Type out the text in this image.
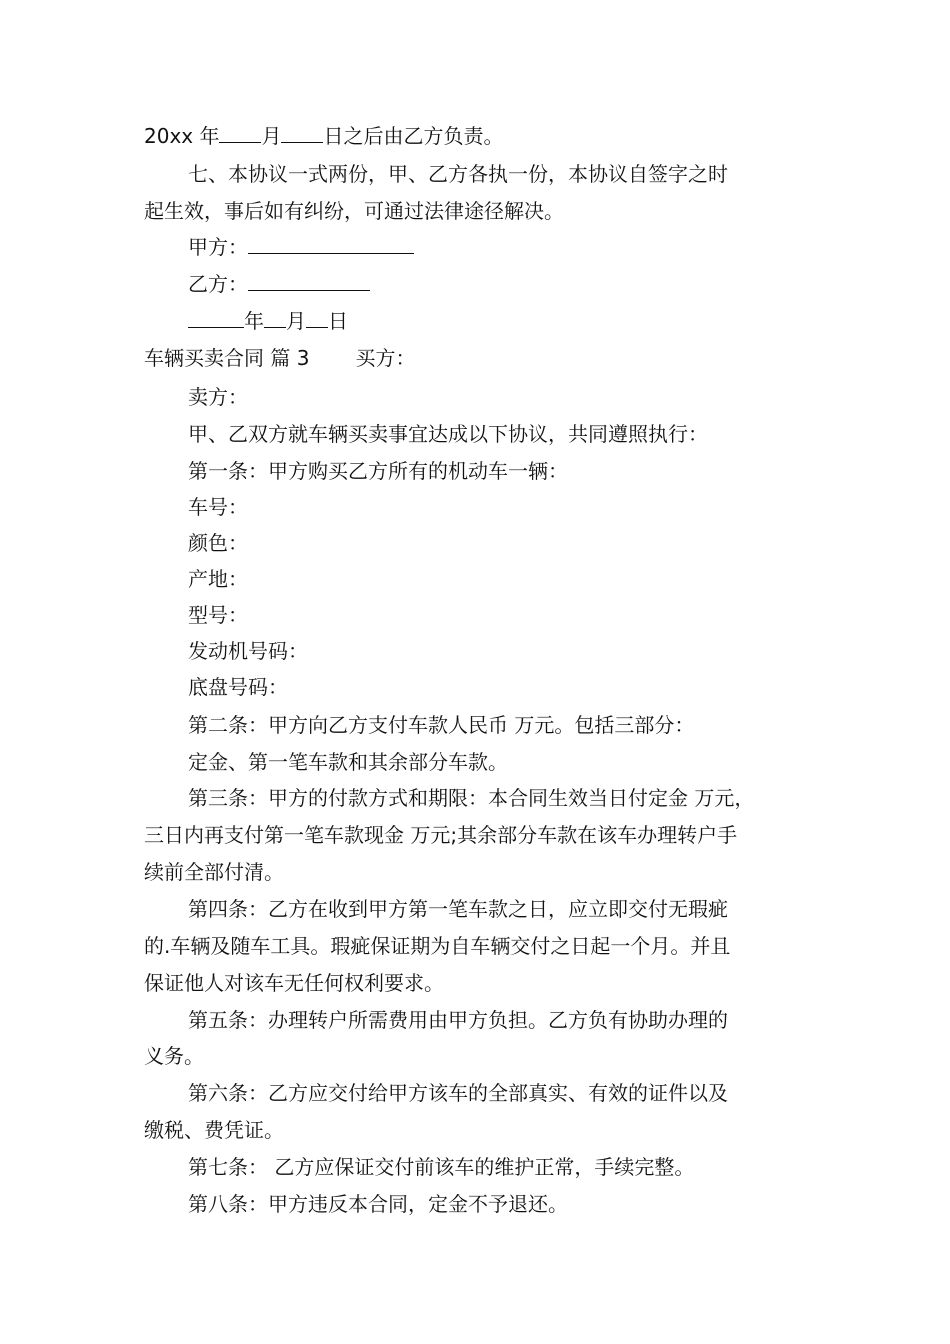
20xx 年 月 日之后由乙方负责。
七、本协议一式两份，甲、乙方各执一份，本协议自签字之时
起生效，事后如有纠纷，可通过法律途径解决。
甲方：
乙方：
年 月 日
车辆买卖合同 篇 3 买方：
卖方：
甲、乙双方就车辆买卖事宜达成以下协议，共同遵照执行：
第一条：甲方购买乙方所有的机动车一辆：
车号：
颜色：
产地：
型号：
发动机号码：
底盘号码：
第二条：甲方向乙方支付车款人民币 万元。包括三部分：
定金、第一笔车款和其余部分车款。
第三条：甲方的付款方式和期限：本合同生效当日付定金 万元，
三日内再支付第一笔车款现金 万元;其余部分车款在该车办理转户手
续前全部付清。
第四条：乙方在收到甲方第一笔车款之日，应立即交付无瑕疵
的.车辆及随车工具。瑕疵保证期为自车辆交付之日起一个月。并且
保证他人对该车无任何权利要求。
第五条：办理转户所需费用由甲方负担。乙方负有协助办理的
义务。
第六条：乙方应交付给甲方该车的全部真实、有效的证件以及
缴税、费凭证。
第七条： 乙方应保证交付前该车的维护正常，手续完整。
第八条：甲方违反本合同，定金不予退还。
